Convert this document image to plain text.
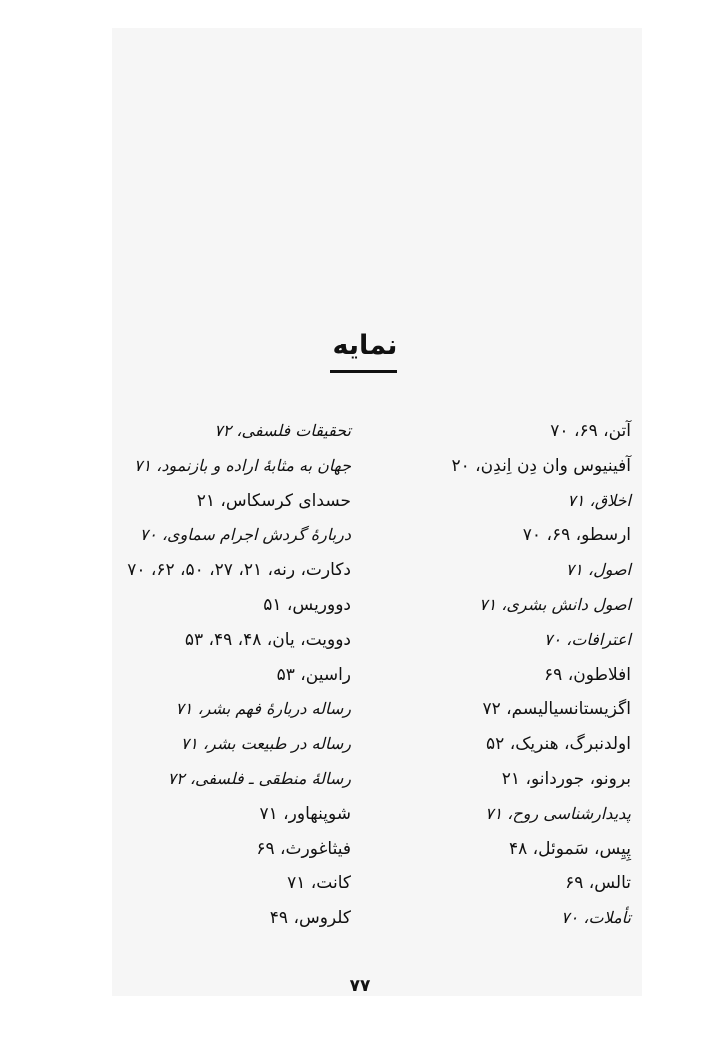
نمایه
آتن، ۶۹، ۷۰
آفینیوس وان دِن اِندِن، ۲۰
اخلاق، ۷۱
ارسطو، ۶۹، ۷۰
اصول، ۷۱
اصول دانش بشری، ۷۱
اعترافات، ۷۰
افلاطون، ۶۹
اگزیستانسیالیسم، ۷۲
اولدنبرگ، هنریک، ۵۲
برونو، جوردانو، ۲۱
پدیدارشناسی روح، ۷۱
پِیِس، سَموئل، ۴۸
تالس، ۶۹
تأملات، ۷۰
تحقیقات فلسفی، ۷۲
جهان به مثابهٔ اراده و بازنمود، ۷۱
حسدای کرسکاس، ۲۱
دربارهٔ گردش اجرام سماوی، ۷۰
دکارت، رنه، ۲۱، ۲۷، ۵۰، ۶۲، ۷۰
دووریس، ۵۱
دوویت، یان، ۴۸، ۴۹، ۵۳
راسین، ۵۳
رساله دربارهٔ فهم بشر، ۷۱
رساله در طبیعت بشر، ۷۱
رسالهٔ منطقی ـ فلسفی، ۷۲
شوپنهاور، ۷۱
فیثاغورث، ۶۹
کانت، ۷۱
کلروس، ۴۹
۷۷
